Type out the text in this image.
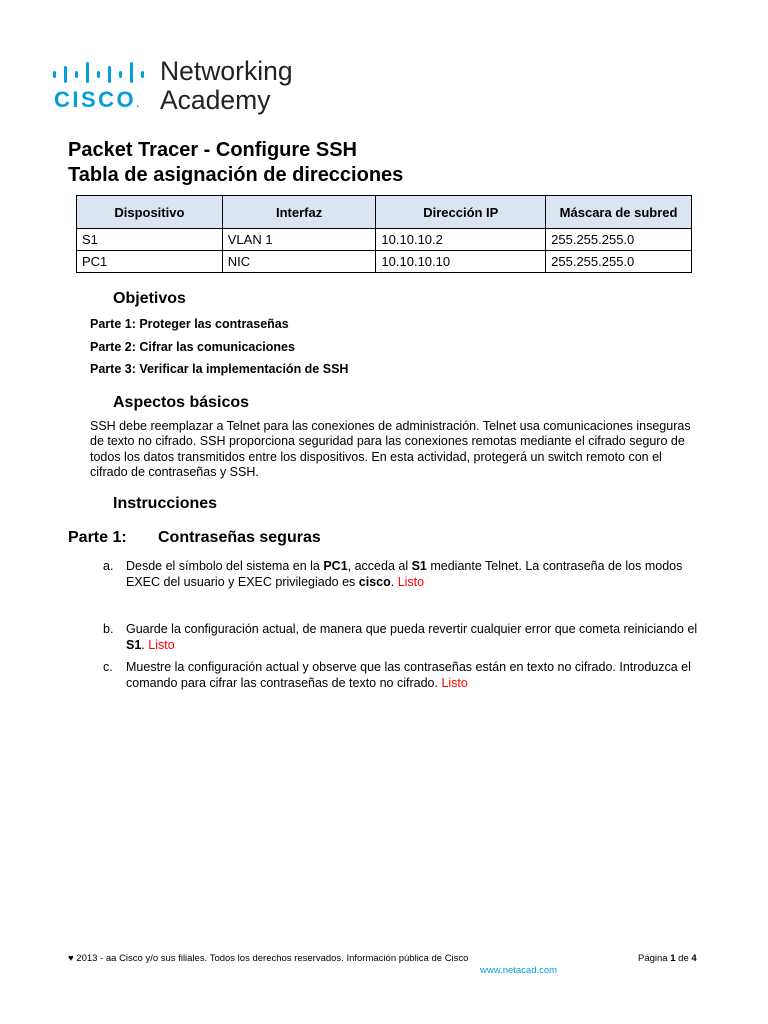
CISCO.
Networking
Academy
Packet Tracer - Configure SSH
Tabla de asignación de direcciones
Dispositivo	Interfaz	Dirección IP	Máscara de subred
S1	VLAN 1	10.10.10.2	255.255.255.0
PC1	NIC	10.10.10.10	255.255.255.0
Objetivos
Parte 1: Proteger las contraseñas
Parte 2: Cifrar las comunicaciones
Parte 3: Verificar la implementación de SSH
Aspectos básicos
SSH debe reemplazar a Telnet para las conexiones de administración. Telnet usa comunicaciones inseguras de texto no cifrado. SSH proporciona seguridad para las conexiones remotas mediante el cifrado seguro de todos los datos transmitidos entre los dispositivos. En esta actividad, protegerá un switch remoto con el cifrado de contraseñas y SSH.
Instrucciones
Parte 1: Contraseñas seguras
a.	Desde el símbolo del sistema en la PC1, acceda al S1 mediante Telnet. La contraseña de los modos EXEC del usuario y EXEC privilegiado es cisco. Listo
b.	Guarde la configuración actual, de manera que pueda revertir cualquier error que cometa reiniciando el S1. Listo
c.	Muestre la configuración actual y observe que las contraseñas están en texto no cifrado. Introduzca el comando para cifrar las contraseñas de texto no cifrado. Listo
♥ 2013 - aa Cisco y/o sus filiales. Todos los derechos reservados. Información pública de Cisco	Página 1 de 4
www.netacad.com
